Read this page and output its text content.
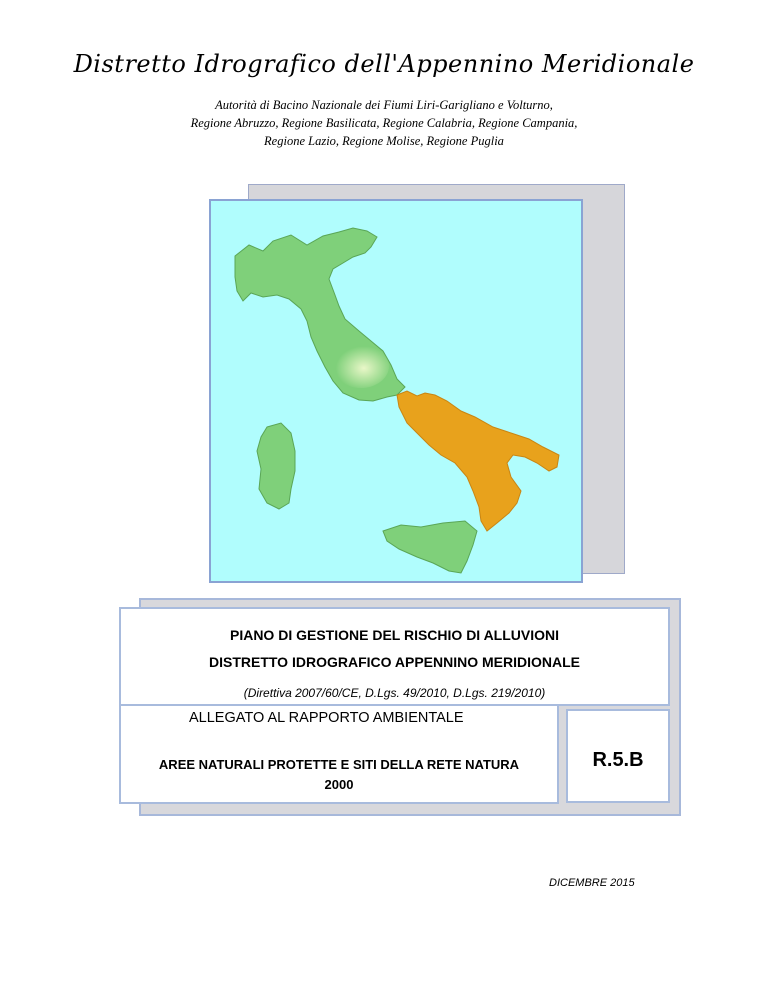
Distretto Idrografico dell'Appennino Meridionale
Autorità di Bacino Nazionale dei Fiumi Liri-Garigliano e Volturno,
Regione Abruzzo, Regione Basilicata, Regione Calabria, Regione Campania,
Regione Lazio, Regione Molise, Regione Puglia
PIANO DI GESTIONE DEL RISCHIO DI ALLUVIONI
DISTRETTO IDROGRAFICO APPENNINO MERIDIONALE
(Direttiva 2007/60/CE, D.Lgs. 49/2010, D.Lgs. 219/2010)
ALLEGATO AL RAPPORTO AMBIENTALE
AREE NATURALI PROTETTE E SITI DELLA RETE NATURA
2000
R.5.B
DICEMBRE 2015
